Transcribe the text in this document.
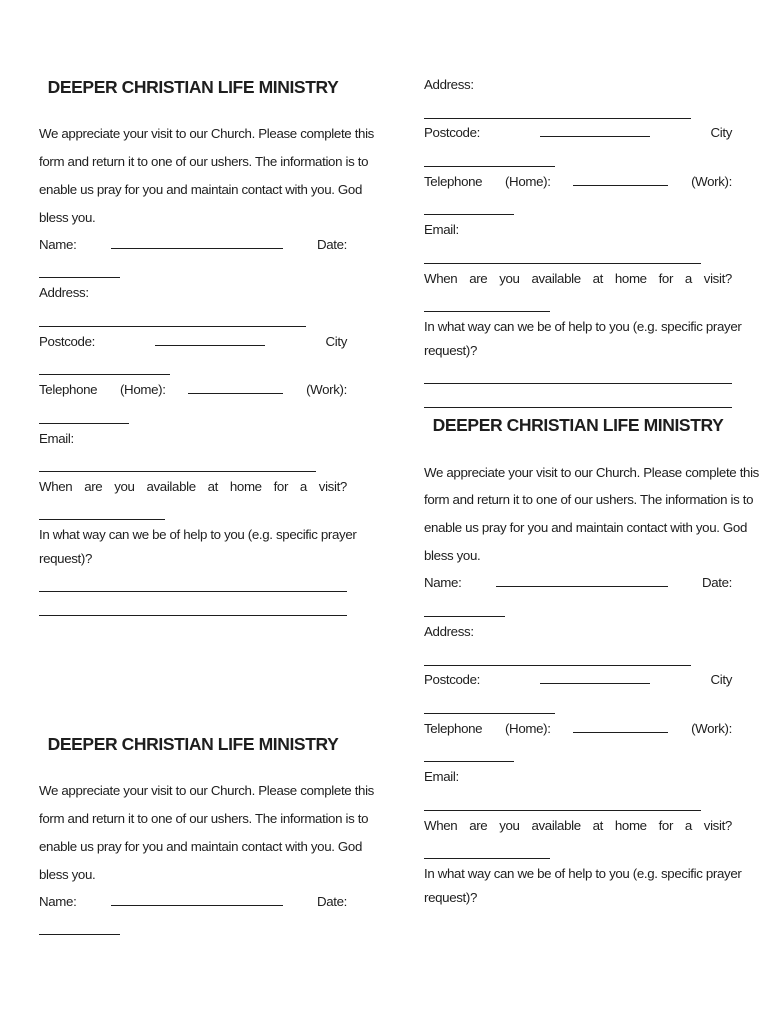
DEEPER CHRISTIAN LIFE MINISTRY
We appreciate your visit to our Church. Please complete this
form and return it to one of our ushers. The information is to
enable us pray for you and maintain contact with you. God
bless you.
Name:	Date:
Address:
Postcode:	City
Telephone (Home):	(Work):
Email:
When are you available at home for a visit?
In what way can we be of help to you (e.g. specific prayer
request)?
DEEPER CHRISTIAN LIFE MINISTRY
We appreciate your visit to our Church. Please complete this
form and return it to one of our ushers. The information is to
enable us pray for you and maintain contact with you. God
bless you.
Name:	Date:
Address:
Postcode:	City
Telephone (Home):	(Work):
Email:
When are you available at home for a visit?
In what way can we be of help to you (e.g. specific prayer
request)?
DEEPER CHRISTIAN LIFE MINISTRY
We appreciate your visit to our Church. Please complete this
form and return it to one of our ushers. The information is to
enable us pray for you and maintain contact with you. God
bless you.
Name:	Date:
Address:
Postcode:	City
Telephone (Home):	(Work):
Email:
When are you available at home for a visit?
In what way can we be of help to you (e.g. specific prayer
request)?
